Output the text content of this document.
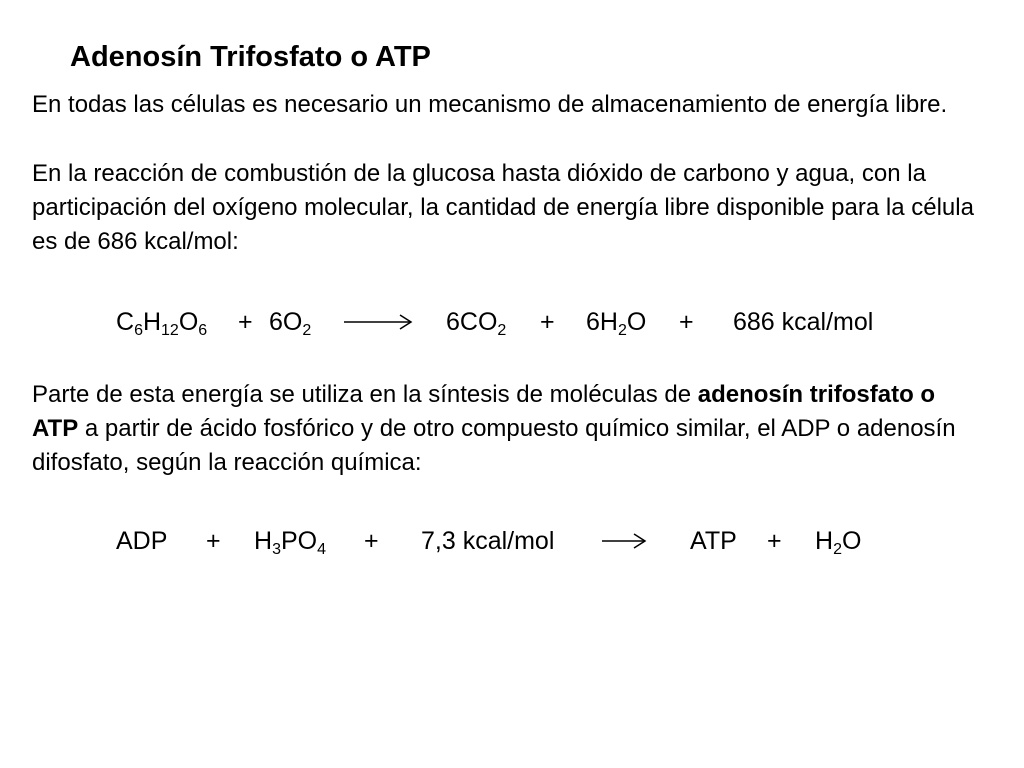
Adenosín Trifosfato o ATP
En todas las células es necesario un mecanismo de almacenamiento de energía libre.
En la reacción de combustión de la glucosa hasta dióxido de carbono y agua, con la participación del oxígeno molecular, la cantidad de energía libre disponible para la célula es de 686 kcal/mol:
$C_6H_{12}O_6 + 6O_2 \to 6CO_2 + 6H_2O + 686$ kcal/mol
Parte de esta energía se utiliza en la síntesis de moléculas de adenosín trifosfato o ATP a partir de ácido fosfórico y de otro compuesto químico similar, el ADP o adenosín difosfato, según la reacción química:
ADP + $H_3PO_4 + 7,3$ kcal/mol	ATP + $H_2O$
